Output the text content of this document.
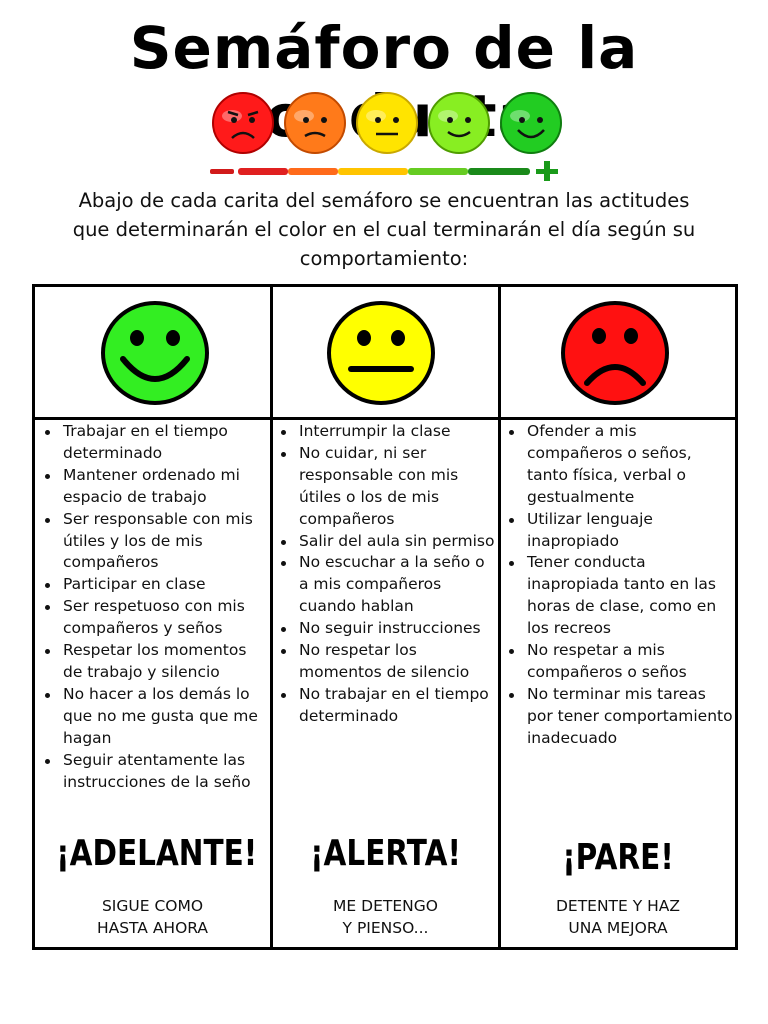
Semáforo de la
Abajo de cada carita del semáforo se encuentran las actitudes que determinarán el color en el cual terminarán el día según su comportamiento:
Trabajar en el tiempo determinado
Mantener ordenado mi espacio de trabajo
Ser responsable con mis útiles y los de mis compañeros
Participar en clase
Ser respetuoso con mis compañeros y seños
Respetar los momentos de trabajo y silencio
No hacer a los demás lo que no me gusta que me hagan
Seguir atentamente las instrucciones de la seño
¡ADELANTE!
SIGUE COMO
HASTA AHORA
Interrumpir la clase
No cuidar, ni ser responsable con mis útiles o los de mis compañeros
Salir del aula sin permiso
No escuchar a la seño o a mis compañeros cuando hablan
No seguir instrucciones
No respetar los momentos de silencio
No trabajar en el tiempo determinado
¡ALERTA!
ME DETENGO
Y PIENSO...
Ofender a mis compañeros o seños, tanto física, verbal o gestualmente
Utilizar lenguaje inapropiado
Tener conducta inapropiada tanto en las horas de clase, como en los recreos
No respetar a mis compañeros o seños
No terminar mis tareas por tener comportamiento inadecuado
¡PARE!
DETENTE Y HAZ
UNA MEJORA
